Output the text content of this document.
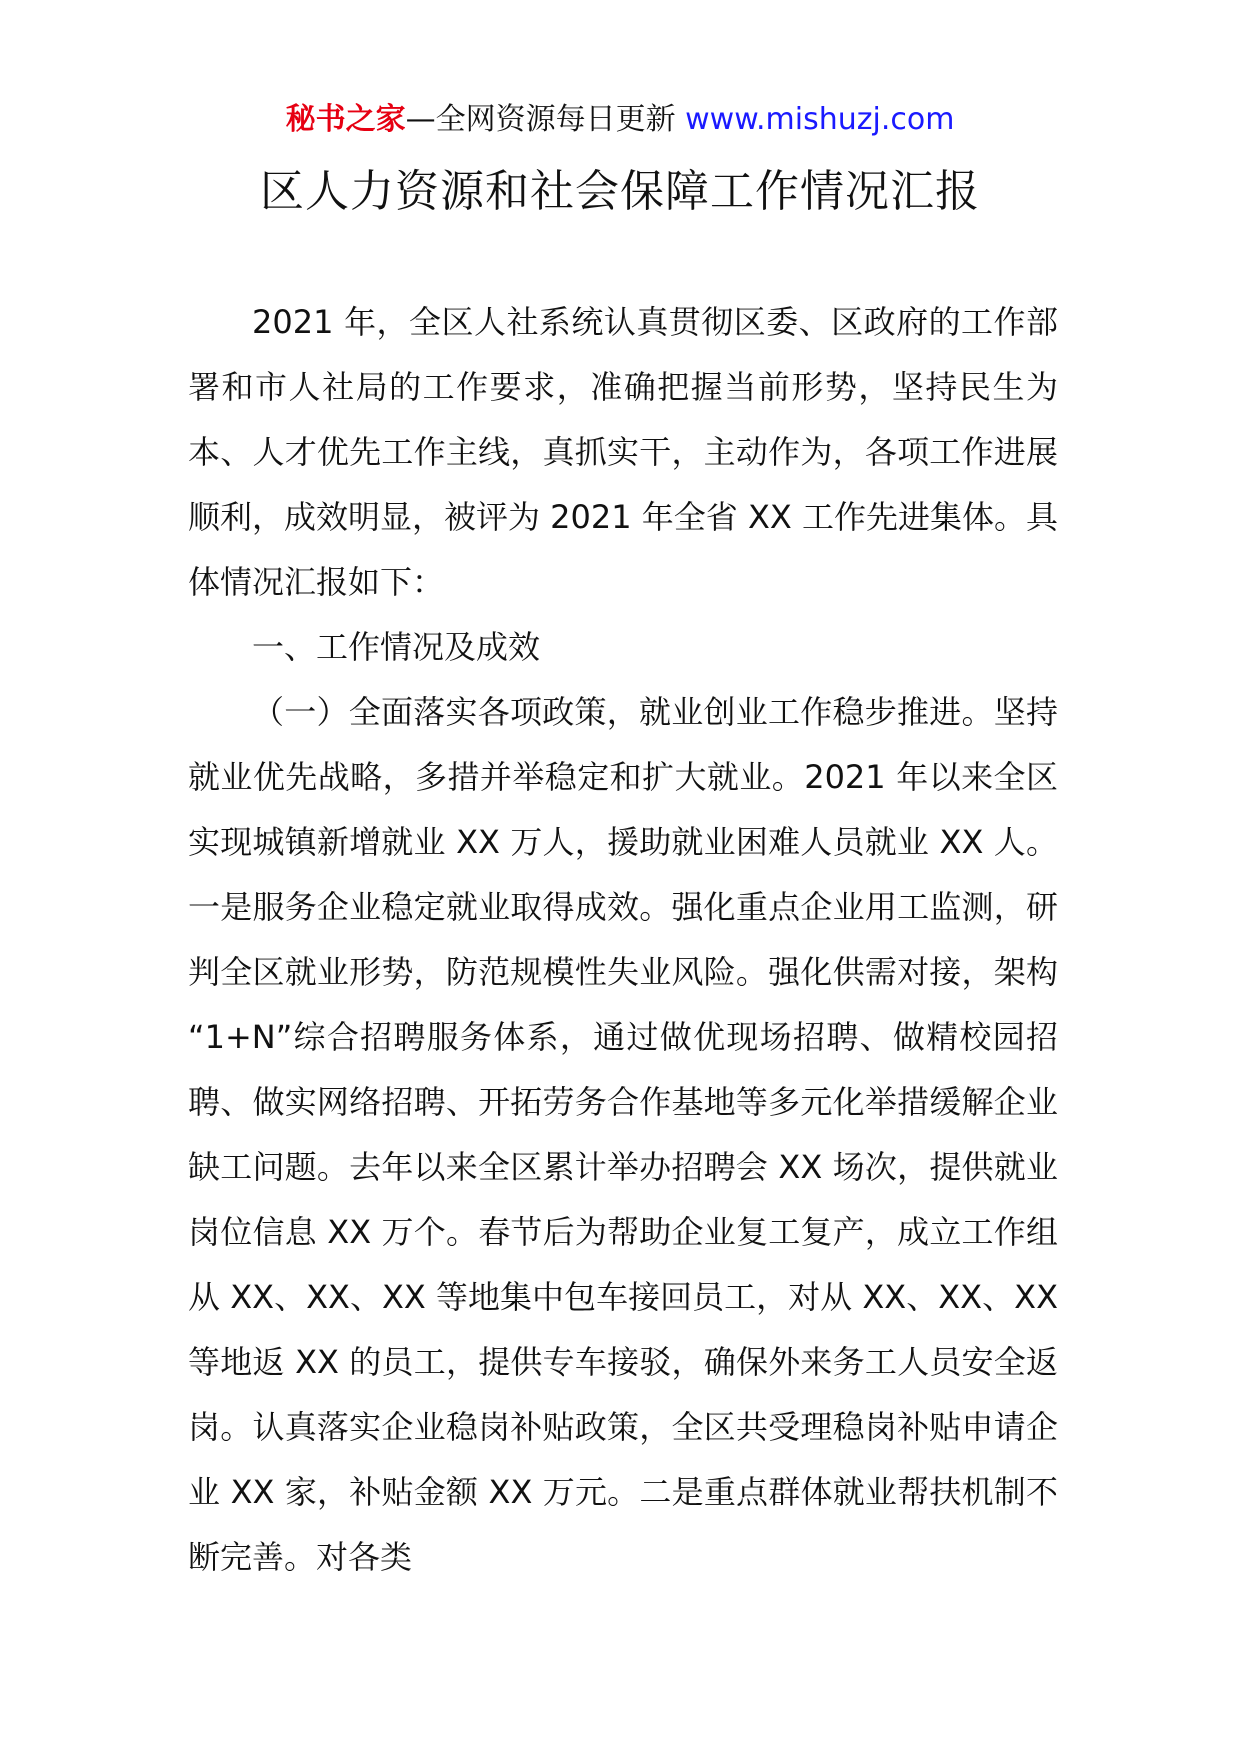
秘书之家—全网资源每日更新 www.mishuzj.com
区人力资源和社会保障工作情况汇报

2021 年，全区人社系统认真贯彻区委、区政府的工作部署和市人社局的工作要求，准确把握当前形势，坚持民生为本、人才优先工作主线，真抓实干，主动作为，各项工作进展顺利，成效明显，被评为 2021 年全省 XX 工作先进集体。具体情况汇报如下：

一、工作情况及成效

（一）全面落实各项政策，就业创业工作稳步推进。坚持就业优先战略，多措并举稳定和扩大就业。2021 年以来全区实现城镇新增就业 XX 万人，援助就业困难人员就业 XX 人。一是服务企业稳定就业取得成效。强化重点企业用工监测，研判全区就业形势，防范规模性失业风险。强化供需对接，架构 “1+N”综合招聘服务体系，通过做优现场招聘、做精校园招聘、做实网络招聘、开拓劳务合作基地等多元化举措缓解企业缺工问题。去年以来全区累计举办招聘会 XX 场次，提供就业岗位信息 XX 万个。春节后为帮助企业复工复产，成立工作组从 XX、XX、XX 等地集中包车接回员工，对从 XX、XX、XX 等地返 XX 的员工，提供专车接驳，确保外来务工人员安全返岗。认真落实企业稳岗补贴政策，全区共受理稳岗补贴申请企业 XX 家，补贴金额 XX 万元。二是重点群体就业帮扶机制不断完善。对各类
